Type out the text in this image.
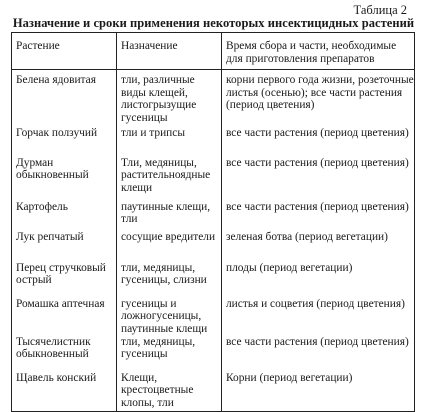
Таблица 2
Назначение и сроки применения некоторых инсектицидных растений
Растение	Назначение	Время сбора и части, необходимые для приготовления препаратов
Белена ядовитая	тли, различные виды клещей, листогрызущие гусеницы	корни первого года жизни, розеточные листья (осенью); все части растения (период цветения)
Горчак ползучий	тли и трипсы	все части растения (период цветения)
Дурман обыкновенный	Тли, медяницы, растительноядные клещи	все части растения (период цветения)
Картофель	паутинные клещи, тли	все части растения (период цветения)
Лук репчатый	сосущие вредители	зеленая ботва (период вегетации)
Перец стручковый острый	тли, медяницы, гусеницы, слизни	плоды (период вегетации)
Ромашка аптечная	гусеницы и ложногусеницы, паутинные клещи	листья и соцветия (период цветения)
Тысячелистник обыкновенный	тли, медяницы, гусеницы	все части растения (период цветения)
Щавель конский	Клещи, крестоцветные клопы, тли	Корни (период вегетации)
